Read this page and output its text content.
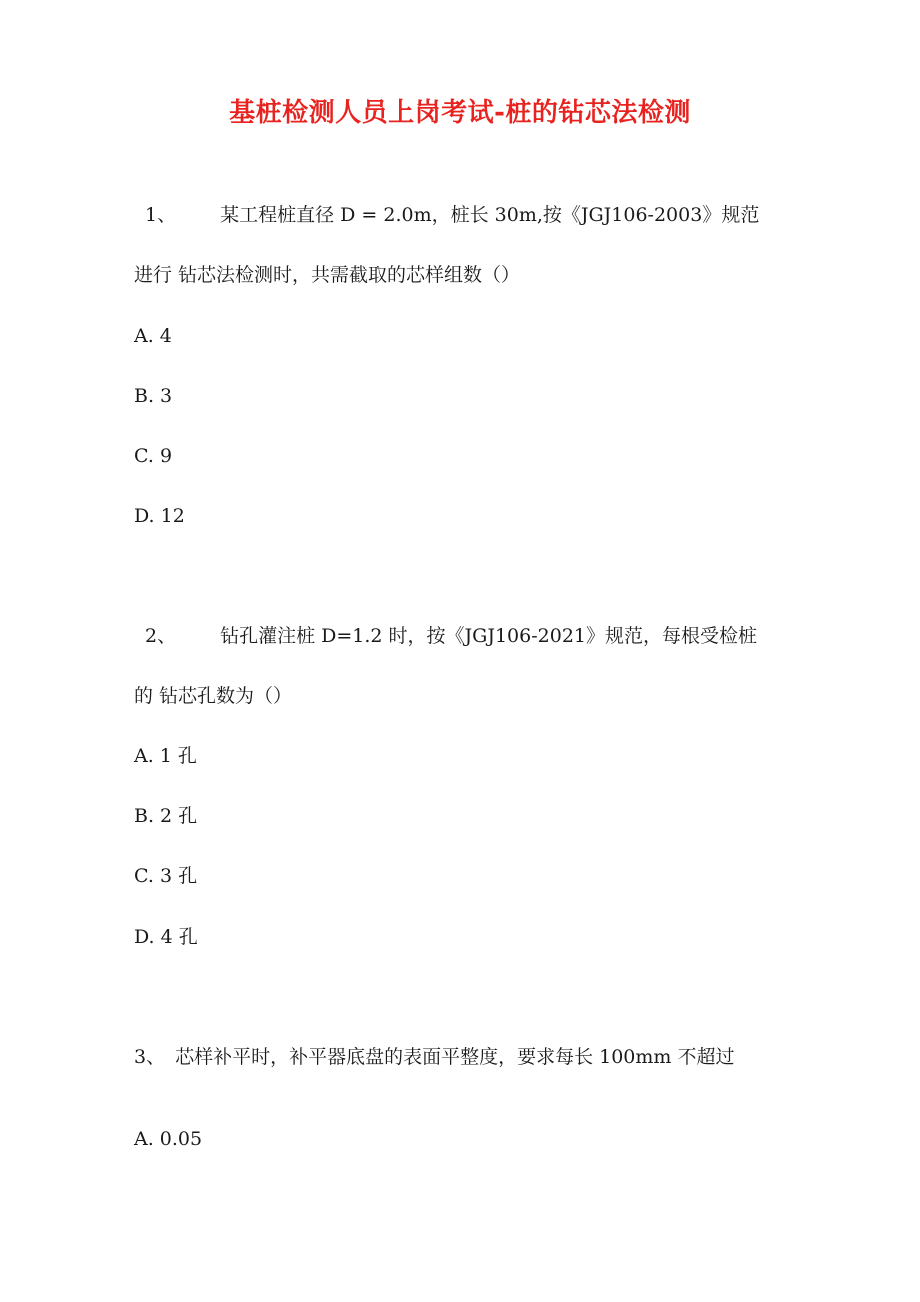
基桩检测人员上岗考试-桩的钻芯法检测
1、 某工程桩直径 D = 2.0m，桩长 30m,按《JGJ106-2003》规范
进行 钻芯法检测时，共需截取的芯样组数（）
A. 4
B. 3
C. 9
D. 12
2、 钻孔灌注桩 D=1.2 时，按《JGJ106-2021》规范，每根受检桩
的 钻芯孔数为（）
A. 1 孔
B. 2 孔
C. 3 孔
D. 4 孔
3、 芯样补平时，补平器底盘的表面平整度，要求每长 100mm 不超过
A. 0.05
